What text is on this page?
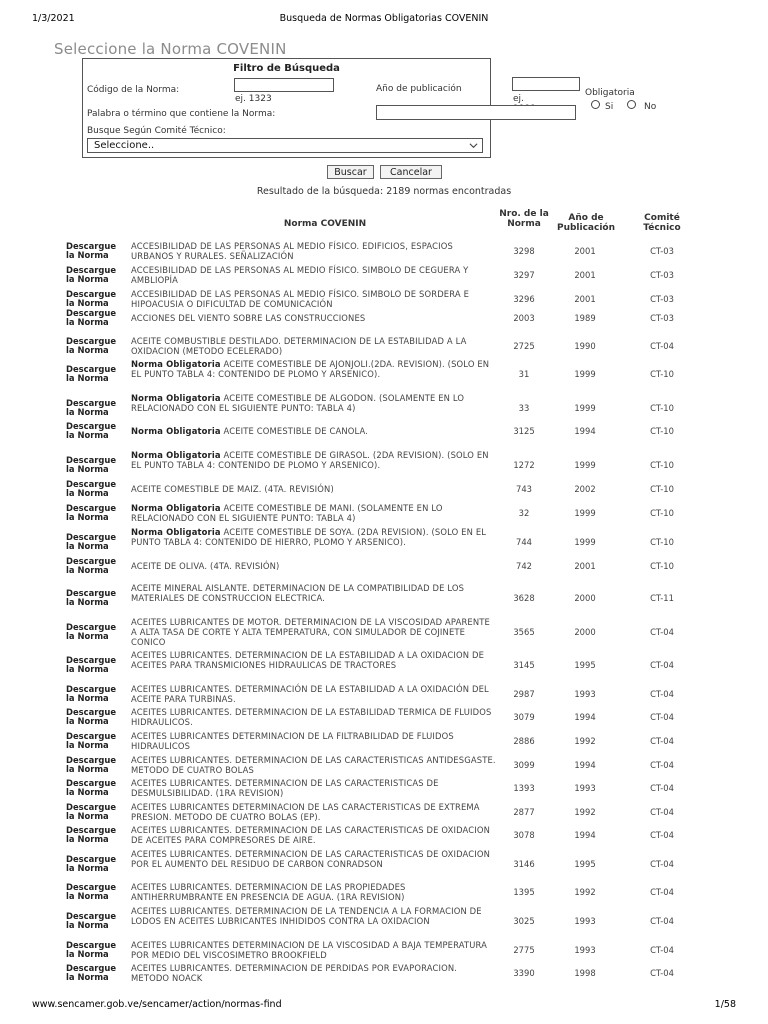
1/3/2021	Busqueda de Normas Obligatorias COVENIN
Seleccione la Norma COVENIN
Filtro de Búsqueda
Código de la Norma:
ej. 1323
Año de publicación
ej.
Obligatoria
Si	No
Palabra o término que contiene la Norma:
Busque Según Comité Técnico:
Seleccione..
Buscar	Cancelar
Resultado de la búsqueda: 2189 normas encontradas
Norma COVENIN
Nro. de la Norma
Año de Publicación
Comité Técnico
Descargue la Norma
ACCESIBILIDAD DE LAS PERSONAS AL MEDIO FÍSICO. EDIFICIOS, ESPACIOS URBANOS Y RURALES. SEÑALIZACIÓN
3298	2001	CT-03
Descargue la Norma
ACCESIBILIDAD DE LAS PERSONAS AL MEDIO FÍSICO. SIMBOLO DE CEGUERA Y AMBLIOPÍA
3297	2001	CT-03
Descargue la Norma
ACCESIBILIDAD DE LAS PERSONAS AL MEDIO FÍSICO. SIMBOLO DE SORDERA E HIPOACUSIA O DIFICULTAD DE COMUNICACIÓN
3296	2001	CT-03
Descargue la Norma	ACCIONES DEL VIENTO SOBRE LAS CONSTRUCCIONES	2003	1989	CT-03
Descargue la Norma
ACEITE COMBUSTIBLE DESTILADO. DETERMINACION DE LA ESTABILIDAD A LA OXIDACION (METODO ECELERADO)
2725	1990	CT-04
Descargue la Norma
Norma Obligatoria ACEITE COMESTIBLE DE AJONJOLI.(2DA. REVISION). (SOLO EN EL PUNTO TABLA 4: CONTENIDO DE PLOMO Y ARSENICO).	31	1999	CT-10
Descargue la Norma
Norma Obligatoria ACEITE COMESTIBLE DE ALGODON. (SOLAMENTE EN LO RELACIONADO CON EL SIGUIENTE PUNTO: TABLA 4)	33	1999	CT-10
Descargue la Norma	Norma Obligatoria ACEITE COMESTIBLE DE CANOLA.	3125	1994	CT-10
Descargue la Norma
Norma Obligatoria ACEITE COMESTIBLE DE GIRASOL. (2DA REVISION). (SOLO EN EL PUNTO TABLA 4: CONTENIDO DE PLOMO Y ARSENICO).	1272	1999	CT-10
Descargue la Norma	ACEITE COMESTIBLE DE MAIZ. (4TA. REVISIÓN)	743	2002	CT-10
Descargue la Norma
Norma Obligatoria ACEITE COMESTIBLE DE MANI. (SOLAMENTE EN LO RELACIONADO CON EL SIGUIENTE PUNTO: TABLA 4)
32	1999	CT-10
Descargue la Norma
Norma Obligatoria ACEITE COMESTIBLE DE SOYA. (2DA REVISION). (SOLO EN EL PUNTO TABLA 4: CONTENIDO DE HIERRO, PLOMO Y ARSENICO).	744	1999	CT-10
Descargue la Norma	ACEITE DE OLIVA. (4TA. REVISIÓN)	742	2001	CT-10
Descargue la Norma
ACEITE MINERAL AISLANTE. DETERMINACION DE LA COMPATIBILIDAD DE LOS MATERIALES DE CONSTRUCCION ELECTRICA.	3628	2000	CT-11
Descargue la Norma
ACEITES LUBRICANTES DE MOTOR. DETERMINACION DE LA VISCOSIDAD APARENTE A ALTA TASA DE CORTE Y ALTA TEMPERATURA, CON SIMULADOR DE COJINETE CONICO
3565	2000	CT-04
Descargue la Norma
ACEITES LUBRICANTES. DETERMINACION DE LA ESTABILIDAD A LA OXIDACION DE ACEITES PARA TRANSMICIONES HIDRAULICAS DE TRACTORES	3145	1995	CT-04
Descargue la Norma
ACEITES LUBRICANTES. DETERMINACIÓN DE LA ESTABILIDAD A LA OXIDACIÓN DEL ACEITE PARA TURBINAS.
2987	1993	CT-04
Descargue la Norma
ACEITES LUBRICANTES. DETERMINACION DE LA ESTABILIDAD TERMICA DE FLUIDOS HIDRAULICOS.
3079	1994	CT-04
Descargue la Norma
ACEITES LUBRICANTES DETERMINACION DE LA FILTRABILIDAD DE FLUIDOS HIDRAULICOS
2886	1992	CT-04
Descargue la Norma
ACEITES LUBRICANTES. DETERMINACION DE LAS CARACTERISTICAS ANTIDESGASTE. METODO DE CUATRO BOLAS
3099	1994	CT-04
Descargue la Norma
ACEITES LUBRICANTES. DETERMINACION DE LAS CARACTERISTICAS DE DESMULSIBILIDAD. (1RA REVISION)
1393	1993	CT-04
Descargue la Norma
ACEITES LUBRICANTES DETERMINACION DE LAS CARACTERISTICAS DE EXTREMA PRESION. METODO DE CUATRO BOLAS (EP).
2877	1992	CT-04
Descargue la Norma
ACEITES LUBRICANTES. DETERMINACION DE LAS CARACTERISTICAS DE OXIDACION DE ACEITES PARA COMPRESORES DE AIRE.
3078	1994	CT-04
Descargue la Norma
ACEITES LUBRICANTES. DETERMINACION DE LAS CARACTERISTICAS DE OXIDACION POR EL AUMENTO DEL RESIDUO DE CARBON CONRADSON	3146	1995	CT-04
Descargue la Norma
ACEITES LUBRICANTES. DETERMINACION DE LAS PROPIEDADES ANTIHERRUMBRANTE EN PRESENCIA DE AGUA. (1RA REVISION)
1395	1992	CT-04
Descargue la Norma
ACEITES LUBRICANTES. DETERMINACION DE LA TENDENCIA A LA FORMACION DE LODOS EN ACEITES LUBRICANTES INHIDIDOS CONTRA LA OXIDACION	3025	1993	CT-04
Descargue la Norma
ACEITES LUBRICANTES DETERMINACION DE LA VISCOSIDAD A BAJA TEMPERATURA POR MEDIO DEL VISCOSIMETRO BROOKFIELD
2775	1993	CT-04
Descargue la Norma
ACEITES LUBRICANTES. DETERMINACION DE PERDIDAS POR EVAPORACION. METODO NOACK
3390	1998	CT-04
www.sencamer.gob.ve/sencamer/action/normas-find	1/58
